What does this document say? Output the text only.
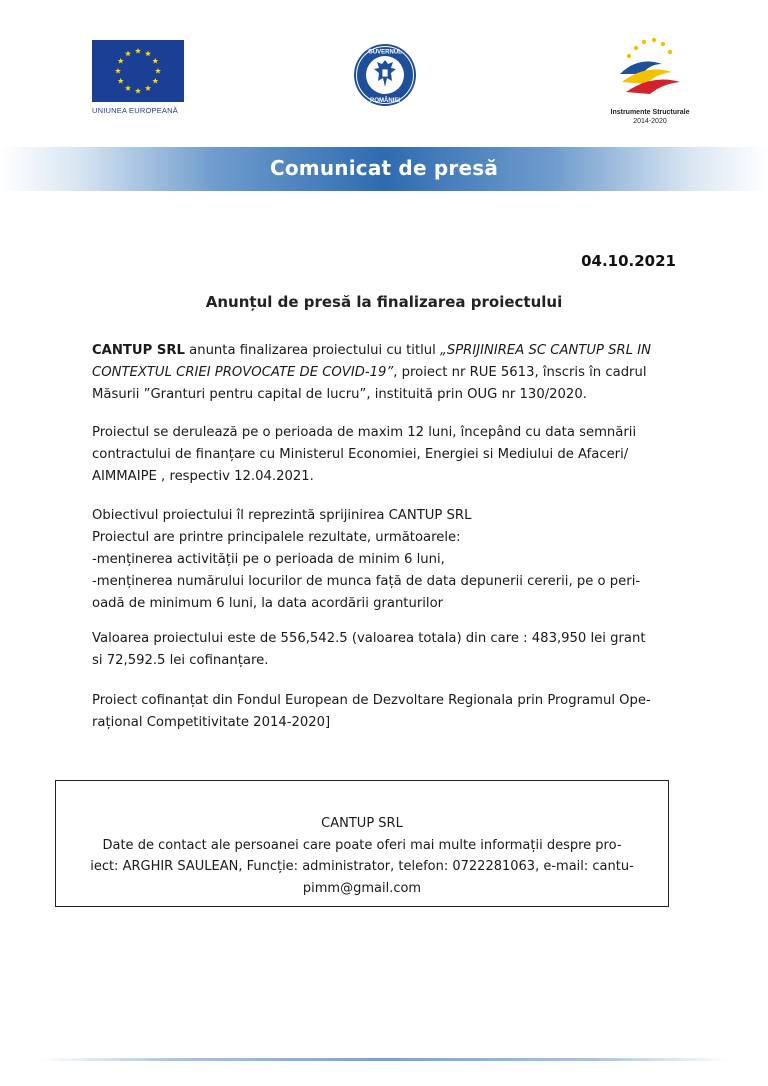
UNIUNEA EUROPEANĂ
GUVERNUL
ROMÂNIEI
Instrumente Structurale
2014-2020
Comunicat de presă
04.10.2021
Anunțul de presă la finalizarea proiectului
CANTUP SRL anunta finalizarea proiectului cu titlul „SPRIJINIREA SC CANTUP SRL IN
CONTEXTUL CRIEI PROVOCATE DE COVID-19”, proiect nr RUE 5613, înscris în cadrul
Măsurii ”Granturi pentru capital de lucru”, instituită prin OUG nr 130/2020.
Proiectul se derulează pe o perioada de maxim 12 luni, începând cu data semnării
contractului de finanțare cu Ministerul Economiei, Energiei si Mediului de Afaceri/
AIMMAIPE , respectiv 12.04.2021.
Obiectivul proiectului îl reprezintă sprijinirea CANTUP SRL
Proiectul are printre principalele rezultate, următoarele:
-menținerea activității pe o perioada de minim 6 luni,
-menținerea numărului locurilor de munca față de data depunerii cererii, pe o peri-
oadă de minimum 6 luni, la data acordării granturilor
Valoarea proiectului este de 556,542.5 (valoarea totala) din care : 483,950 lei grant
si 72,592.5 lei cofinanțare.
Proiect cofinanțat din Fondul European de Dezvoltare Regionala prin Programul Ope-
rațional Competitivitate 2014-2020]
CANTUP SRL
Date de contact ale persoanei care poate oferi mai multe informații despre pro-
iect: ARGHIR SAULEAN, Funcție: administrator, telefon: 0722281063, e-mail: cantu-
pimm@gmail.com
